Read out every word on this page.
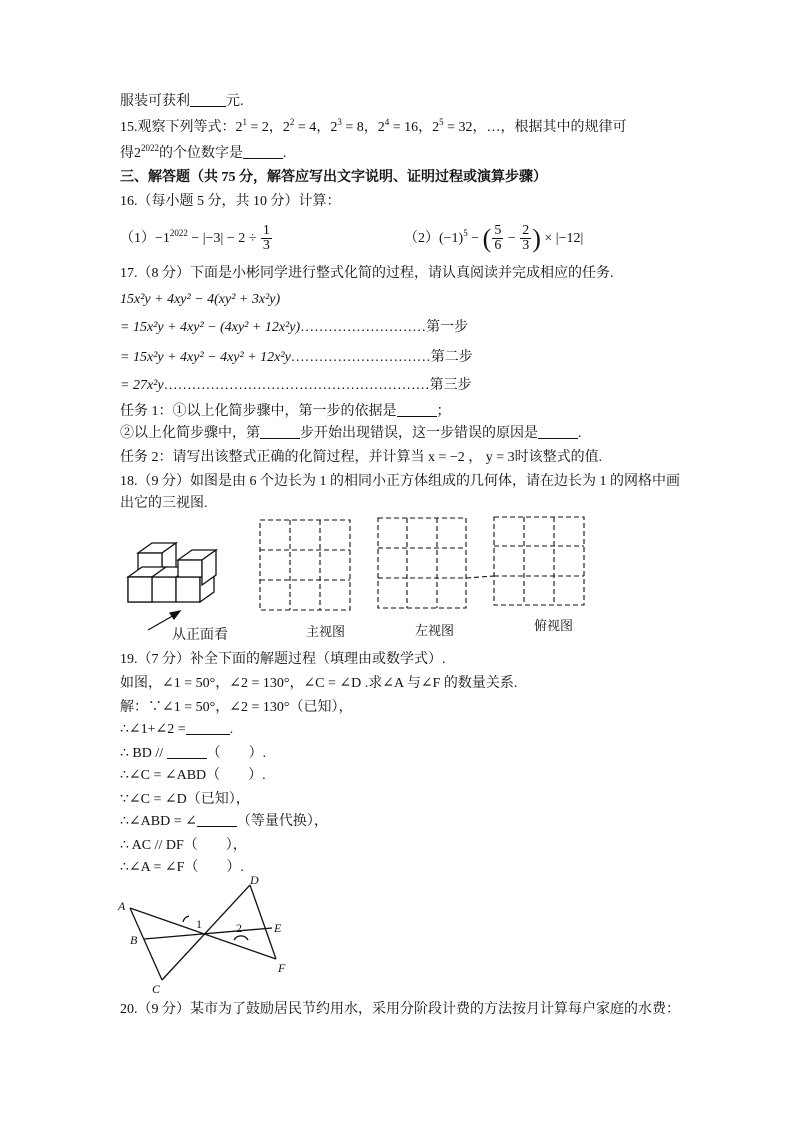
服装可获利	元.
15.观察下列等式：$2^1 = 2$，$2^2 = 4$，$2^3 = 8$，$2^4 = 16$，$2^5 = 32$，…，根据其中的规律可
得$2^{2022}$的个位数字是	.
三、解答题（共 75 分，解答应写出文字说明、证明过程或演算步骤）
16.（每小题 5 分，共 10 分）计算：
$(1)-1^{2022} - |-3| - 2 \div \frac{1}{3}$	$(2)(-1)^5$ − ( $\frac{5}{6} - \frac{2}{3}$ ) × |−12|
17.（8 分）下面是小彬同学进行整式化简的过程，请认真阅读并完成相应的任务.
15x²y + 4xy² − 4(xy² + 3x²y)
= 15x²y + 4xy² − (4xy² + 12x²y)………………………第一步
= 15x²y + 4xy² − 4xy² + 12x²y…………………………第二步
= 27x²y…………………………………………………第三步
任务 1：①以上化简步骤中，第一步的依据是	；
②以上化简步骤中，第	步开始出现错误，这一步错误的原因是	.
任务 2：请写出该整式正确的化简过程，并计算当 x = −2 ， y = 3时该整式的值.
18.（9 分）如图是由 6 个边长为 1 的相同小正方体组成的几何体，请在边长为 1 的网格中画
出它的三视图.
从正面看	主视图	左视图	俯视图
19.（7 分）补全下面的解题过程（填理由或数学式）.
如图，∠1 = 50°，∠2 = 130°，∠C = ∠D .求∠A 与∠F 的数量关系.
解：∵∠1 = 50°，∠2 = 130°（已知），
∴∠1+∠2 =	.
∴ BD //	（　　）.
∴∠C = ∠ABD（　　）.
∵∠C = ∠D（已知），
∴∠ABD = ∠	（等量代换），
∴ AC // DF（　　），
∴∠A = ∠F（　　）.
A
B
C
D
E
F
1	2
20.（9 分）某市为了鼓励居民节约用水，采用分阶段计费的方法按月计算每户家庭的水费：
